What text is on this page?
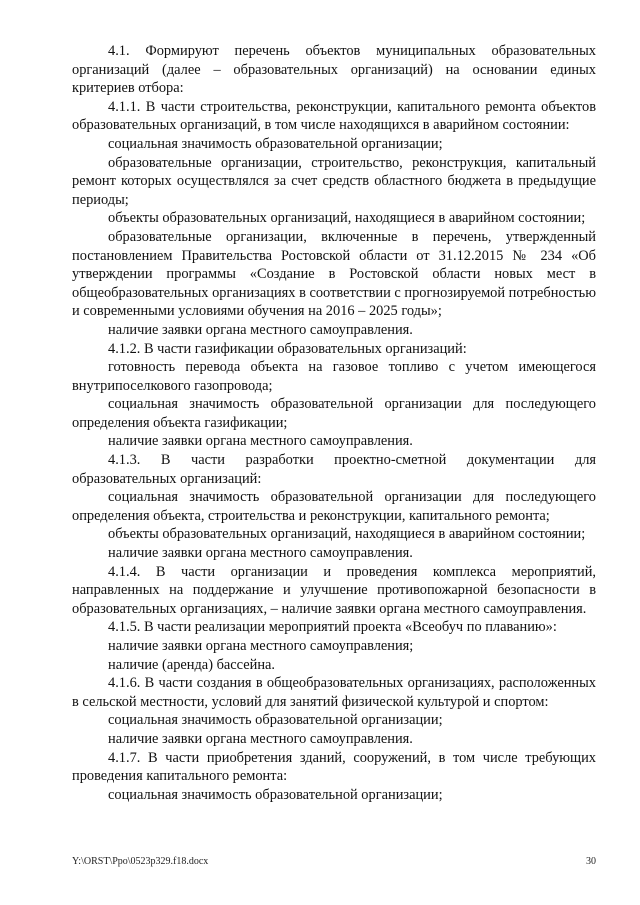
4.1. Формируют перечень объектов муниципальных образовательных организаций (далее – образовательных организаций) на основании единых критериев отбора:

4.1.1. В части строительства, реконструкции, капитального ремонта объектов образовательных организаций, в том числе находящихся в аварийном состоянии:

социальная значимость образовательной организации;

образовательные организации, строительство, реконструкция, капитальный ремонт которых осуществлялся за счет средств областного бюджета в предыдущие периоды;

объекты образовательных организаций, находящиеся в аварийном состоянии;

образовательные организации, включенные в перечень, утвержденный постановлением Правительства Ростовской области от 31.12.2015 № 234 «Об утверждении программы «Создание в Ростовской области новых мест в общеобразовательных организациях в соответствии с прогнозируемой потребностью и современными условиями обучения на 2016 – 2025 годы»;

наличие заявки органа местного самоуправления.

4.1.2. В части газификации образовательных организаций:

готовность перевода объекта на газовое топливо с учетом имеющегося внутрипоселкового газопровода;

социальная значимость образовательной организации для последующего определения объекта газификации;

наличие заявки органа местного самоуправления.

4.1.3. В части разработки проектно-сметной документации для образовательных организаций:

социальная значимость образовательной организации для последующего определения объекта, строительства и реконструкции, капитального ремонта;

объекты образовательных организаций, находящиеся в аварийном состоянии;

наличие заявки органа местного самоуправления.

4.1.4. В части организации и проведения комплекса мероприятий, направленных на поддержание и улучшение противопожарной безопасности в образовательных организациях, – наличие заявки органа местного самоуправления.

4.1.5. В части реализации мероприятий проекта «Всеобуч по плаванию»:

наличие заявки органа местного самоуправления;

наличие (аренда) бассейна.

4.1.6. В части создания в общеобразовательных организациях, расположенных в сельской местности, условий для занятий физической культурой и спортом:

социальная значимость образовательной организации;

наличие заявки органа местного самоуправления.

4.1.7. В части приобретения зданий, сооружений, в том числе требующих проведения капитального ремонта:

социальная значимость образовательной организации;

Y:\ORST\Ppo\0523p329.f18.docx	30
